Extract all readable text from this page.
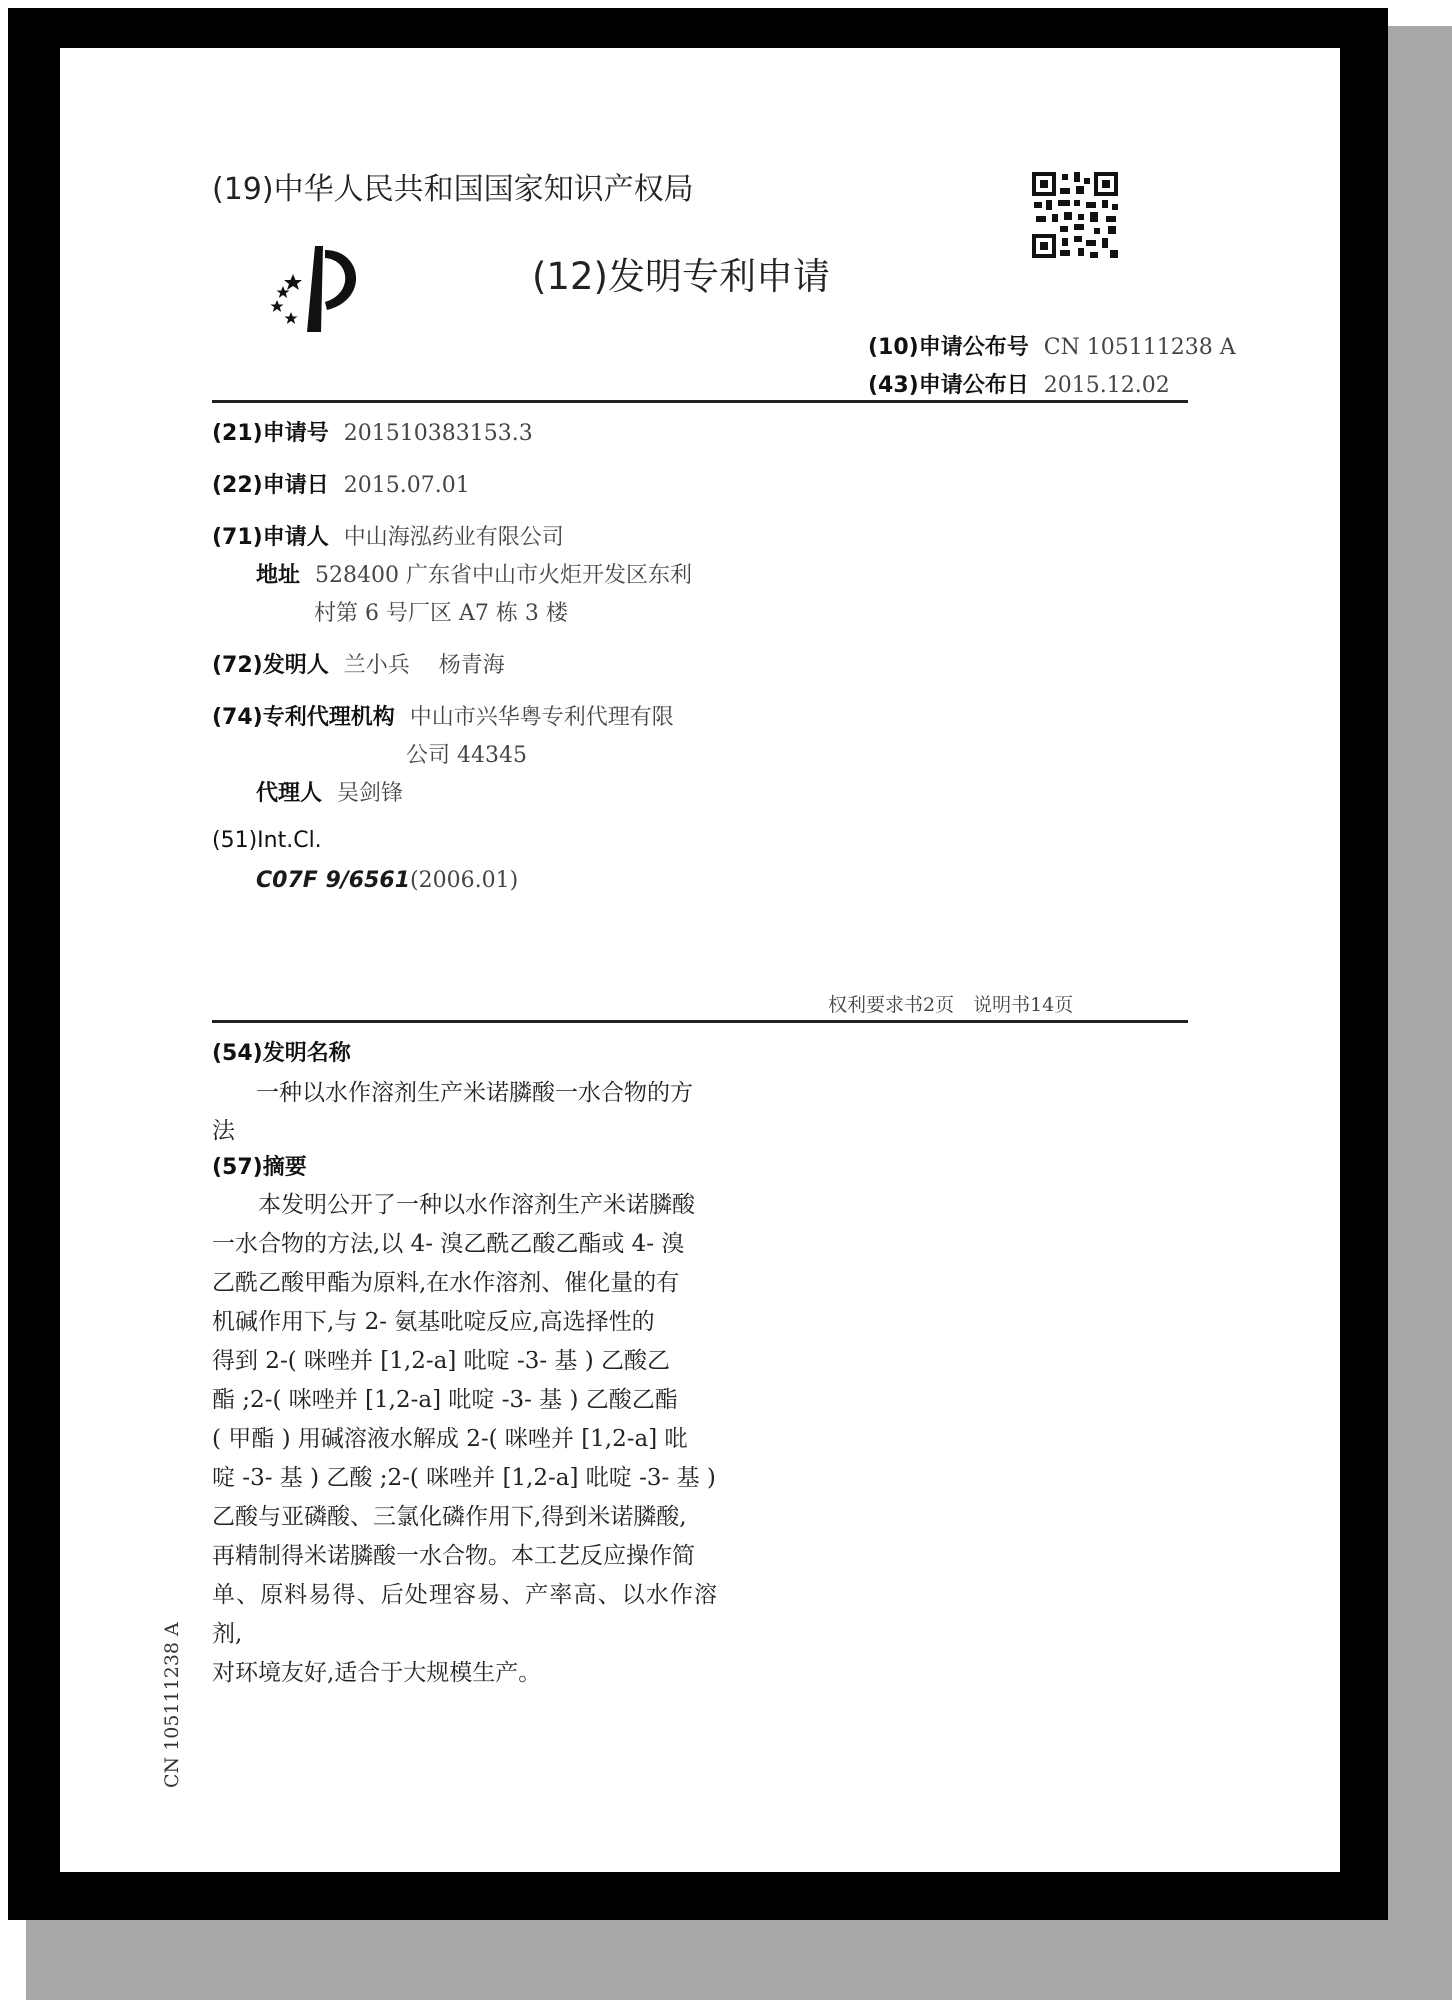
(19)中华人民共和国国家知识产权局
(12)发明专利申请
(10)申请公布号 CN 105111238 A
(43)申请公布日 2015.12.02
(21)申请号 201510383153.3
(22)申请日 2015.07.01
(71)申请人 中山海泓药业有限公司
地址 528400 广东省中山市火炬开发区东利
村第 6 号厂区 A7 栋 3 楼
(72)发明人 兰小兵　 杨青海
(74)专利代理机构 中山市兴华粤专利代理有限
公司 44345
代理人 吴剑锋
(51)Int.Cl.
C07F 9/6561(2006.01)
权利要求书2页　说明书14页
(54)发明名称
一种以水作溶剂生产米诺膦酸一水合物的方
法
(57)摘要

　　本发明公开了一种以水作溶剂生产米诺膦酸

一水合物的方法,以 4- 溴乙酰乙酸乙酯或 4- 溴

乙酰乙酸甲酯为原料,在水作溶剂、催化量的有

机碱作用下,与 2- 氨基吡啶反应,高选择性的

得到 2-( 咪唑并 [1,2-a] 吡啶 -3- 基 ) 乙酸乙

酯 ;2-( 咪唑并 [1,2-a] 吡啶 -3- 基 ) 乙酸乙酯

( 甲酯 ) 用碱溶液水解成 2-( 咪唑并 [1,2-a] 吡

啶 -3- 基 ) 乙酸 ;2-( 咪唑并 [1,2-a] 吡啶 -3- 基 )

乙酸与亚磷酸、三氯化磷作用下,得到米诺膦酸,

再精制得米诺膦酸一水合物。本工艺反应操作简

单、原料易得、后处理容易、产率高、以水作溶剂,

对环境友好,适合于大规模生产。

CN 105111238 A
